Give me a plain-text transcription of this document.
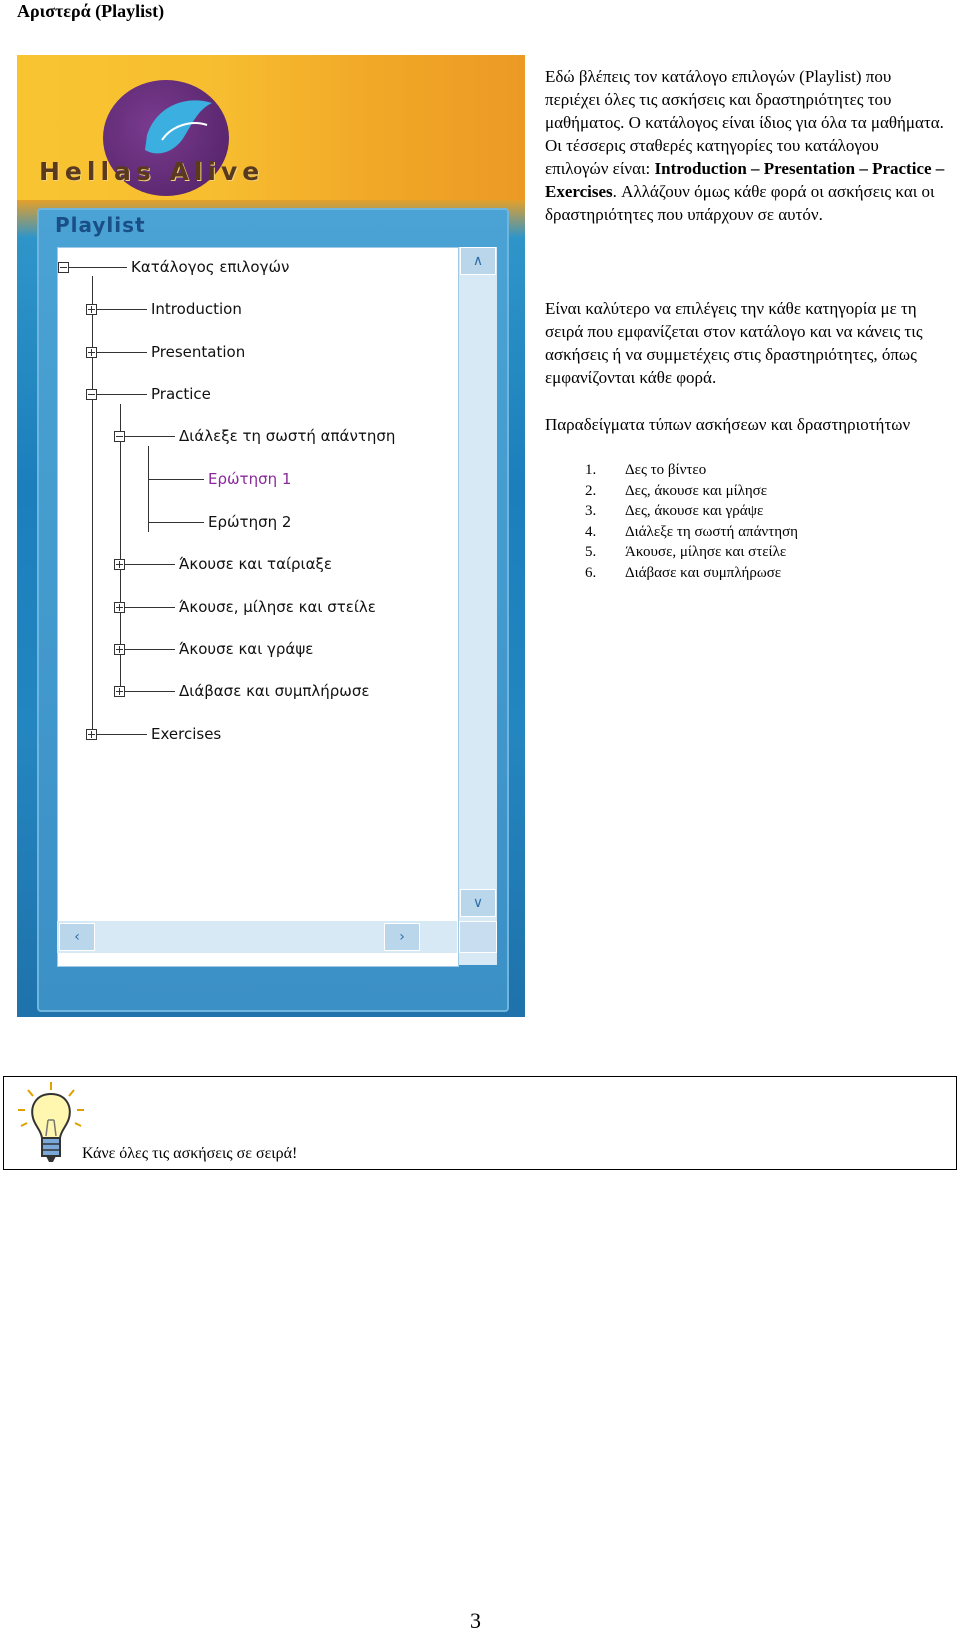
Αριστερά (Playlist)
Hellas Alive
Playlist
Κατάλογος επιλογών
Introduction
Presentation
Practice
Διάλεξε τη σωστή απάντηση
Ερώτηση 1
Ερώτηση 2
Άκουσε και ταίριαξε
Άκουσε, μίλησε και στείλε
Άκουσε και γράψε
Διάβασε και συμπλήρωσε
Exercises
∧
∨
‹	›

Εδώ βλέπεις τον κατάλογο επιλογών (Playlist) που περιέχει όλες τις ασκήσεις και δραστηριότητες του μαθήματος. Ο κατάλογος είναι ίδιος για όλα τα μαθήματα. Οι τέσσερις σταθερές κατηγορίες του κατάλογου επιλογών είναι: Introduction – Presentation – Practice – Exercises. Αλλάζουν όμως κάθε φορά οι ασκήσεις και οι δραστηριότητες που υπάρχουν σε αυτόν.

Είναι καλύτερο να επιλέγεις την κάθε κατηγορία με τη σειρά που εμφανίζεται στον κατάλογο και να κάνεις τις ασκήσεις ή να συμμετέχεις στις δραστηριότητες, όπως εμφανίζονται κάθε φορά.

Παραδείγματα τύπων ασκήσεων και δραστηριοτήτων

1. Δες το βίντεο
2. Δες, άκουσε και μίλησε
3. Δες, άκουσε και γράψε
4. Διάλεξε τη σωστή απάντηση
5. Άκουσε, μίλησε και στείλε
6. Διάβασε και συμπλήρωσε
Κάνε όλες τις ασκήσεις σε σειρά!
3
